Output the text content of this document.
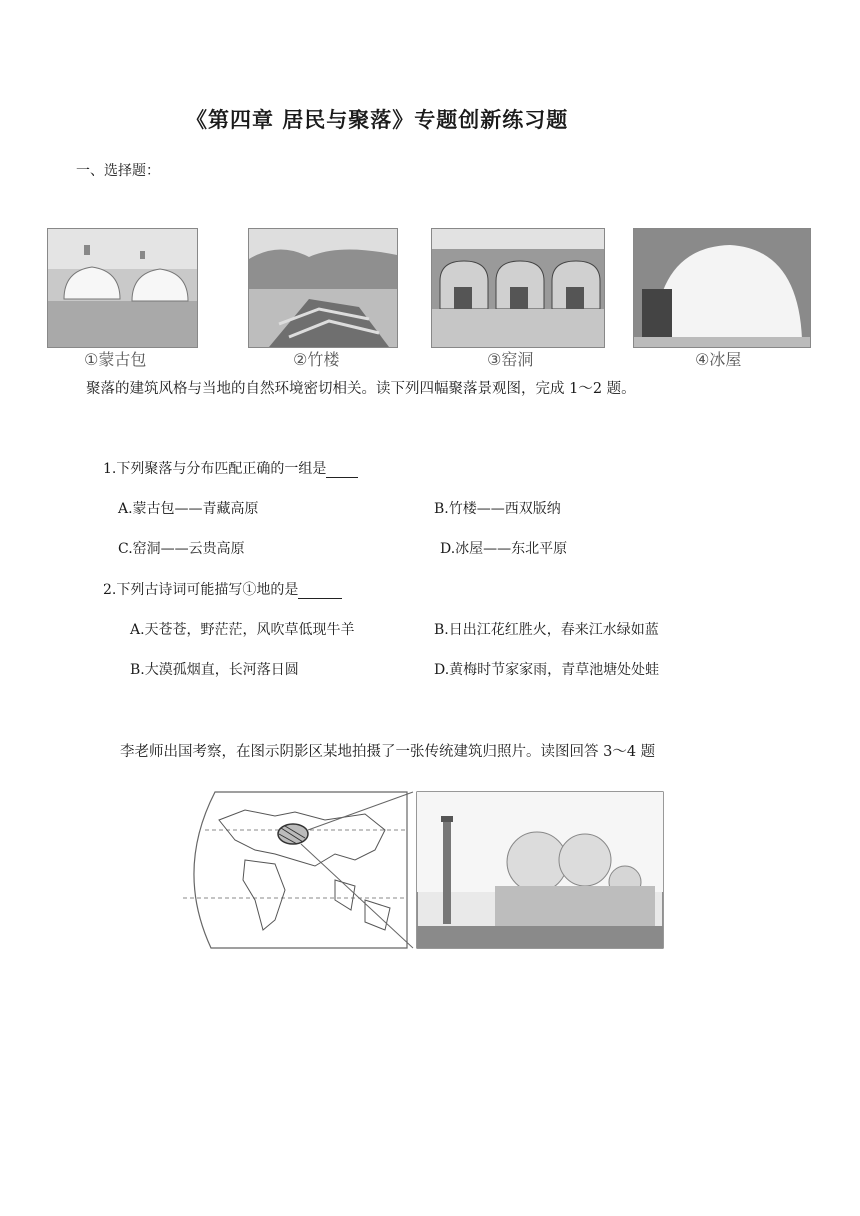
《第四章 居民与聚落》专题创新练习题
一、选择题：
①蒙古包	②竹楼	③窑洞	④冰屋
聚落的建筑风格与当地的自然环境密切相关。读下列四幅聚落景观图，完成 1～2 题。
1.下列聚落与分布匹配正确的一组是
A.蒙古包——青藏高原	B.竹楼——西双版纳
C.窑洞——云贵高原	D.冰屋——东北平原
2.下列古诗词可能描写①地的是
A.天苍苍，野茫茫，风吹草低现牛羊	B.日出江花红胜火，春来江水绿如蓝
B.大漠孤烟直，长河落日圆	D.黄梅时节家家雨，青草池塘处处蛙
李老师出国考察，在图示阴影区某地拍摄了一张传统建筑归照片。读图回答 3～4 题
